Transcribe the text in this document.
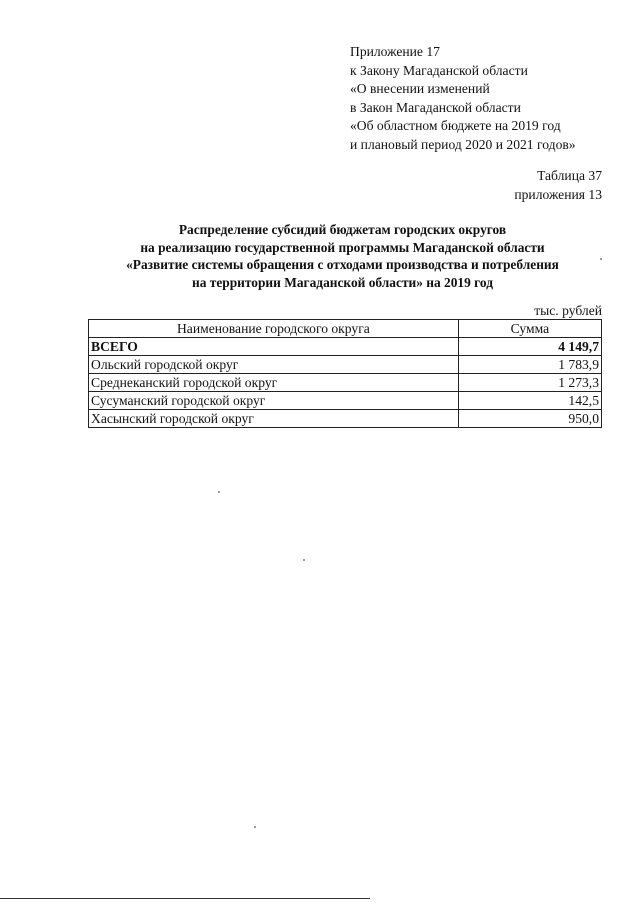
Приложение 17
к Закону Магаданской области
«О внесении изменений
в Закон Магаданской области
«Об областном бюджете на 2019 год
и плановый период 2020 и 2021 годов»
Таблица 37
приложения 13
Распределение субсидий бюджетам городских округов
на реализацию государственной программы Магаданской области
«Развитие системы обращения с отходами производства и потребления
на территории Магаданской области» на 2019 год
тыс. рублей
Наименование городского округа	Сумма
ВСЕГО	4 149,7
Ольский городской округ	1 783,9
Среднеканский городской округ	1 273,3
Сусуманский городской округ	142,5
Хасынский городской округ	950,0
